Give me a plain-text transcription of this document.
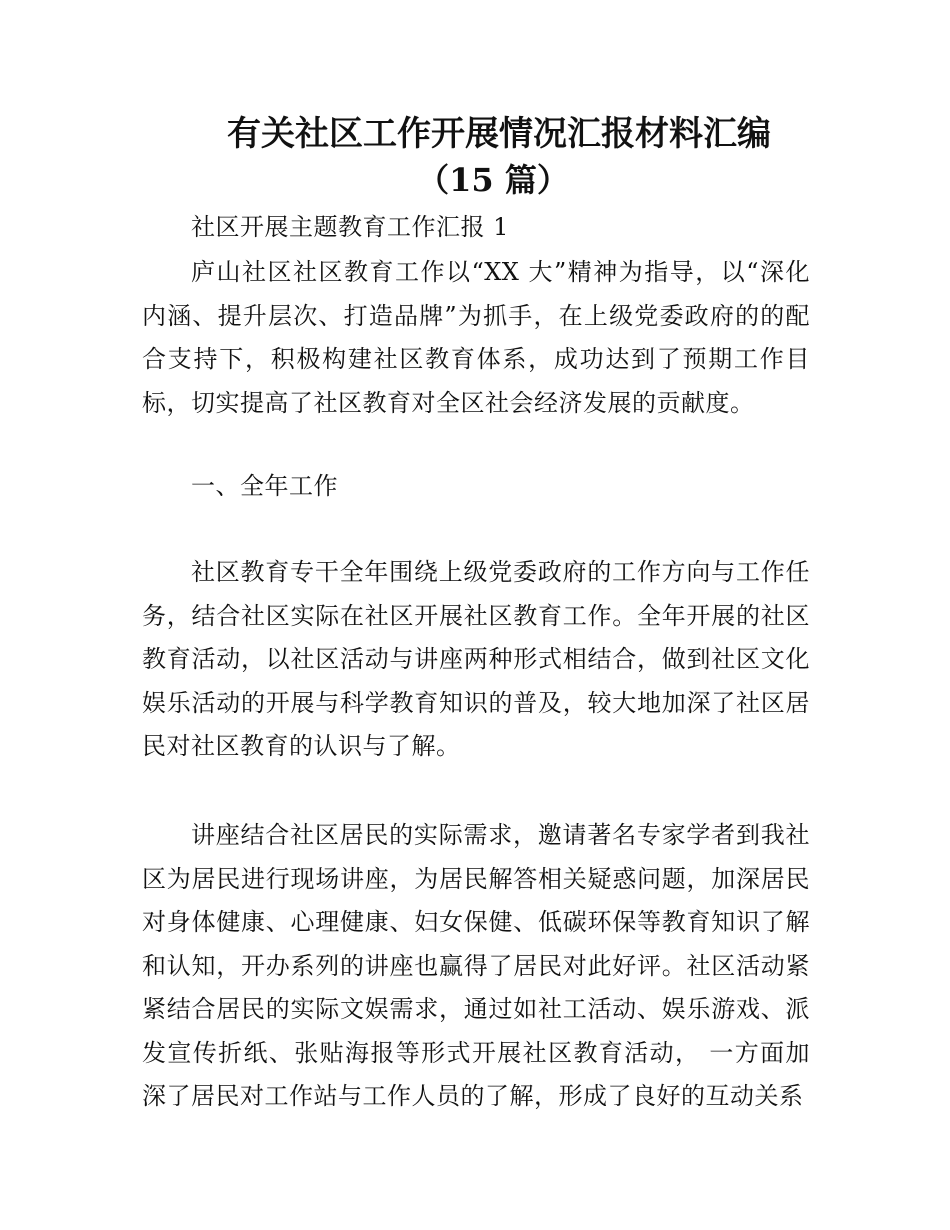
有关社区工作开展情况汇报材料汇编
（15 篇）

社区开展主题教育工作汇报 1

庐山社区社区教育工作以“XX 大”精神为指导，以“深化内涵、提升层次、打造品牌”为抓手，在上级党委政府的的配合支持下，积极构建社区教育体系，成功达到了预期工作目标，切实提高了社区教育对全区社会经济发展的贡献度。

一、全年工作

社区教育专干全年围绕上级党委政府的工作方向与工作任务，结合社区实际在社区开展社区教育工作。全年开展的社区教育活动，以社区活动与讲座两种形式相结合，做到社区文化娱乐活动的开展与科学教育知识的普及，较大地加深了社区居民对社区教育的认识与了解。

讲座结合社区居民的实际需求，邀请著名专家学者到我社区为居民进行现场讲座，为居民解答相关疑惑问题，加深居民对身体健康、心理健康、妇女保健、低碳环保等教育知识了解和认知，开办系列的讲座也赢得了居民对此好评。社区活动紧紧结合居民的实际文娱需求，通过如社工活动、娱乐游戏、派发宣传折纸、张贴海报等形式开展社区教育活动， 一方面加深了居民对工作站与工作人员的了解，形成了良好的互动关系
